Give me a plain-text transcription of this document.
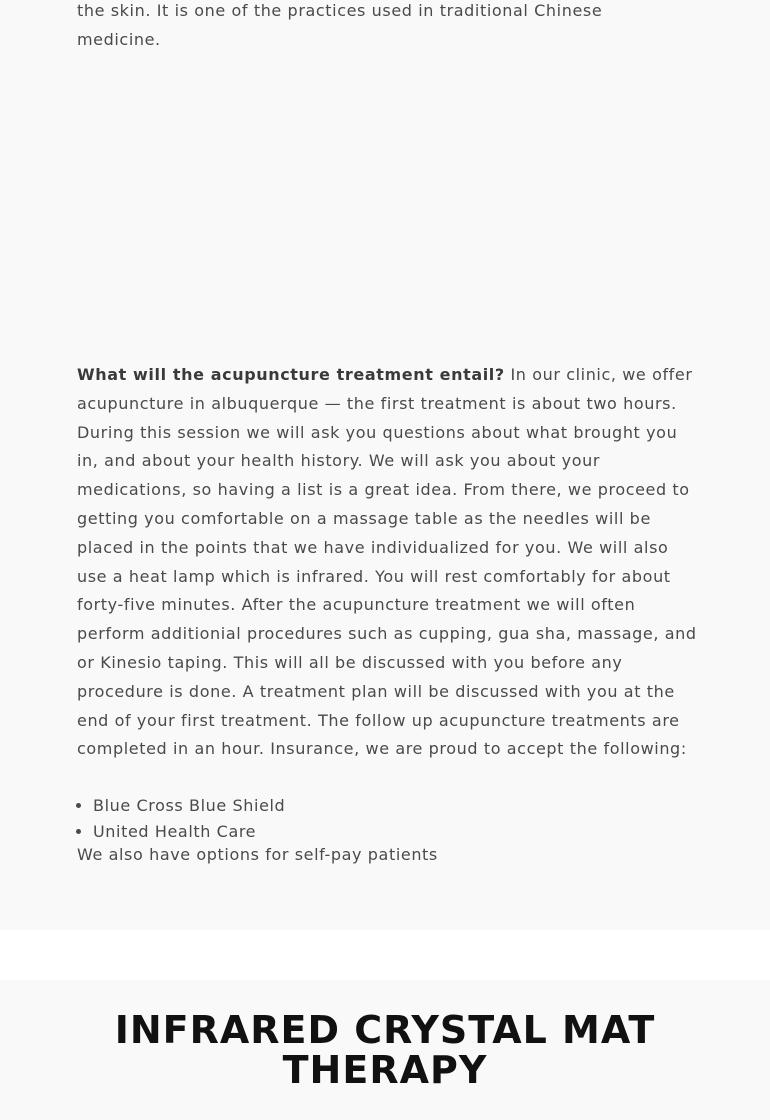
the skin. It is one of the practices used in traditional Chinese
medicine.

What will the acupuncture treatment entail? In our clinic, we offer acupuncture in albuquerque — the first treatment is about two hours. During this session we will ask you questions about what brought you in, and about your health history. We will ask you about your medications, so having a list is a great idea. From there, we proceed to getting you comfortable on a massage table as the needles will be placed in the points that we have individualized for you. We will also use a heat lamp which is infrared. You will rest comfortably for about forty-five minutes. After the acupuncture treatment we will often perform additionial procedures such as cupping, gua sha, massage, and or Kinesio taping. This will all be discussed with you before any procedure is done. A treatment plan will be discussed with you at the end of your first treatment. The follow up acupuncture treatments are completed in an hour. Insurance, we are proud to accept the following:

• Blue Cross Blue Shield
• United Health Care

We also have options for self-pay patients

INFRARED CRYSTAL MAT
THERAPY
